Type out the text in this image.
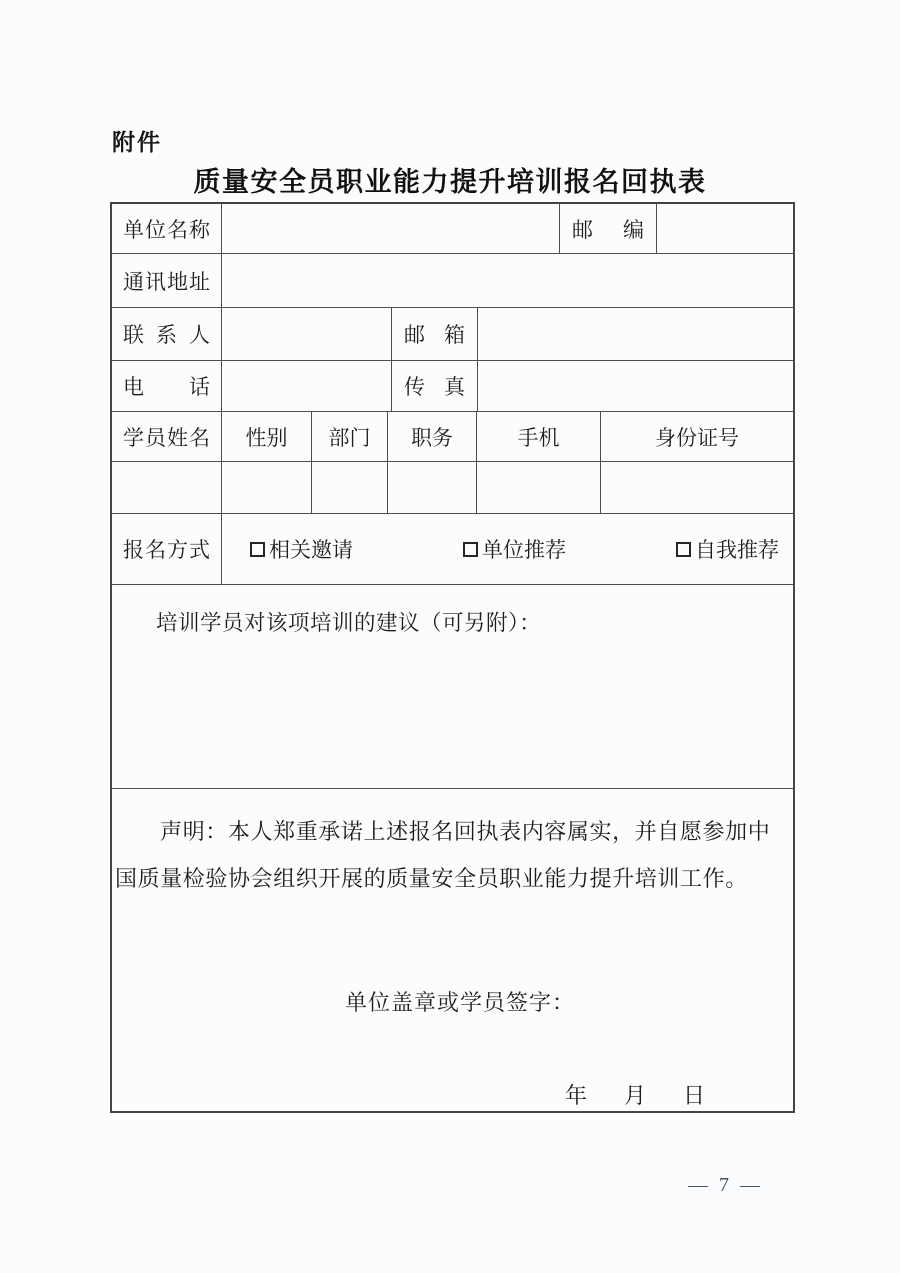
附件
质量安全员职业能力提升培训报名回执表
单位名称	邮编
通讯地址
联系人	邮箱
电话	传真
学员姓名	性别 部门 职务	手机	身份证号
报名方式	相关邀请	单位推荐	自我推荐
培训学员对该项培训的建议（可另附）：

声明：本人郑重承诺上述报名回执表内容属实，并自愿参加中国质量检验协会组织开展的质量安全员职业能力提升培训工作。

单位盖章或学员签字：
年 月 日
— 7 —
